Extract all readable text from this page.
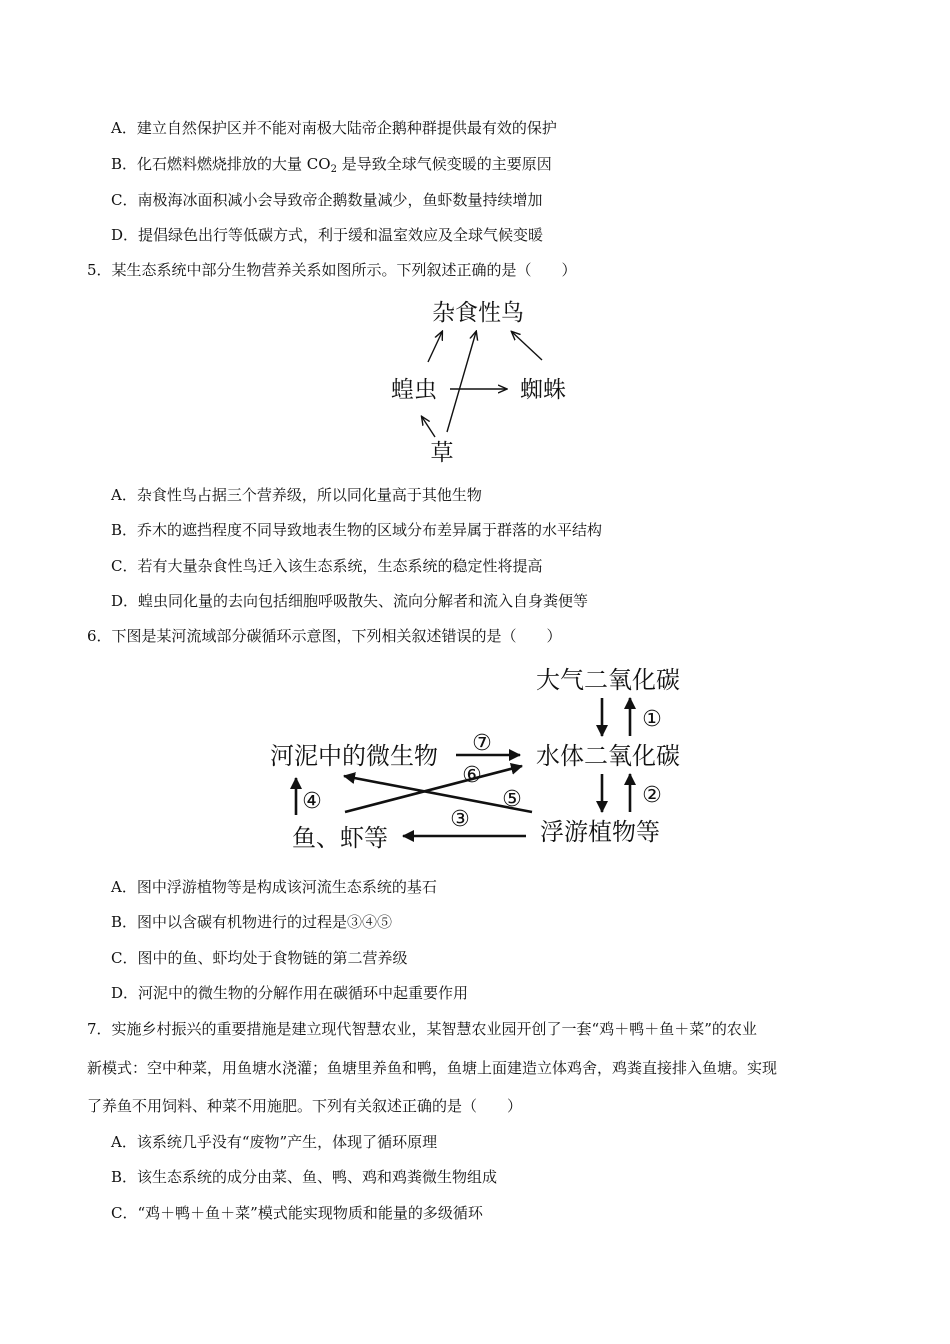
A．建立自然保护区并不能对南极大陆帝企鹅种群提供最有效的保护
B．化石燃料燃烧排放的大量 $CO_2$ 是导致全球气候变暖的主要原因
C．南极海冰面积减小会导致帝企鹅数量减少，鱼虾数量持续增加
D．提倡绿色出行等低碳方式，利于缓和温室效应及全球气候变暖
5．某生态系统中部分生物营养关系如图所示。下列叙述正确的是（　　）
杂食性鸟
蝗虫	蜘蛛
草
A．杂食性鸟占据三个营养级，所以同化量高于其他生物
B．乔木的遮挡程度不同导致地表生物的区域分布差异属于群落的水平结构
C．若有大量杂食性鸟迁入该生态系统，生态系统的稳定性将提高
D．蝗虫同化量的去向包括细胞呼吸散失、流向分解者和流入自身粪便等
6．下图是某河流域部分碳循环示意图，下列相关叙述错误的是（　　）
大气二氧化碳
水体二氧化碳
河泥中的微生物
浮游植物等
鱼、虾等
①
②
③
④	⑤
⑥
⑦
A．图中浮游植物等是构成该河流生态系统的基石
B．图中以含碳有机物进行的过程是③④⑤
C．图中的鱼、虾均处于食物链的第二营养级
D．河泥中的微生物的分解作用在碳循环中起重要作用
7．实施乡村振兴的重要措施是建立现代智慧农业，某智慧农业园开创了一套“鸡＋鸭＋鱼＋菜”的农业
新模式：空中种菜，用鱼塘水浇灌；鱼塘里养鱼和鸭，鱼塘上面建造立体鸡舍，鸡粪直接排入鱼塘。实现
了养鱼不用饲料、种菜不用施肥。下列有关叙述正确的是（　　）
A．该系统几乎没有“废物”产生，体现了循环原理
B．该生态系统的成分由菜、鱼、鸭、鸡和鸡粪微生物组成
C．“鸡＋鸭＋鱼＋菜”模式能实现物质和能量的多级循环
